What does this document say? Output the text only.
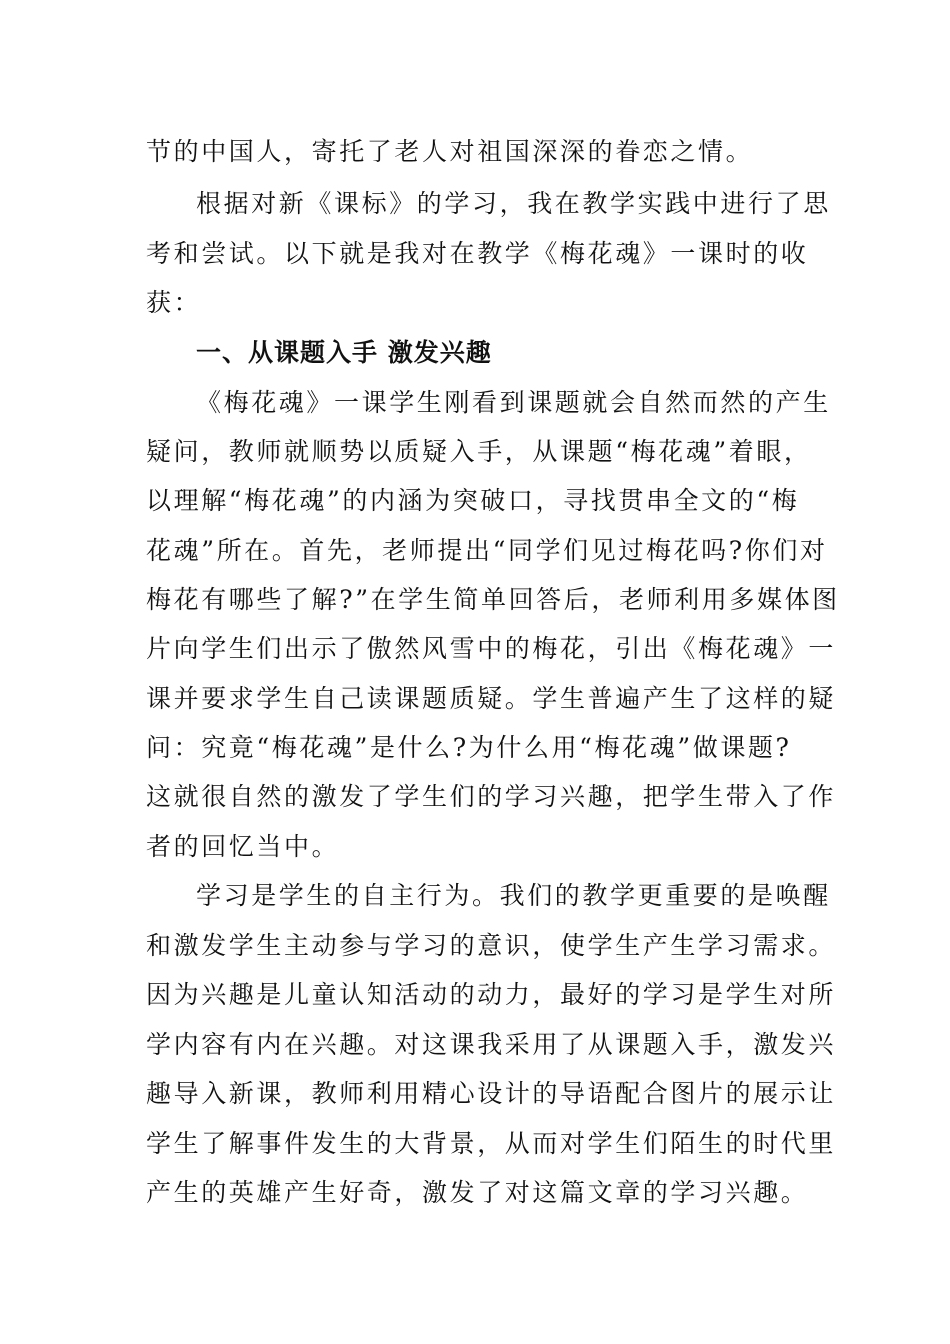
节的中国人，寄托了老人对祖国深深的眷恋之情。
根据对新《课标》的学习，我在教学实践中进行了思
考和尝试。以下就是我对在教学《梅花魂》一课时的收
获：
一、从课题入手 激发兴趣
《梅花魂》一课学生刚看到课题就会自然而然的产生
疑问，教师就顺势以质疑入手，从课题“梅花魂”着眼，
以理解“梅花魂”的内涵为突破口，寻找贯串全文的“梅
花魂”所在。首先，老师提出“同学们见过梅花吗?你们对
梅花有哪些了解?”在学生简单回答后，老师利用多媒体图
片向学生们出示了傲然风雪中的梅花，引出《梅花魂》一
课并要求学生自己读课题质疑。学生普遍产生了这样的疑
问：究竟“梅花魂”是什么?为什么用“梅花魂”做课题?
这就很自然的激发了学生们的学习兴趣，把学生带入了作
者的回忆当中。
学习是学生的自主行为。我们的教学更重要的是唤醒
和激发学生主动参与学习的意识，使学生产生学习需求。
因为兴趣是儿童认知活动的动力，最好的学习是学生对所
学内容有内在兴趣。对这课我采用了从课题入手，激发兴
趣导入新课，教师利用精心设计的导语配合图片的展示让
学生了解事件发生的大背景，从而对学生们陌生的时代里
产生的英雄产生好奇，激发了对这篇文章的学习兴趣。
